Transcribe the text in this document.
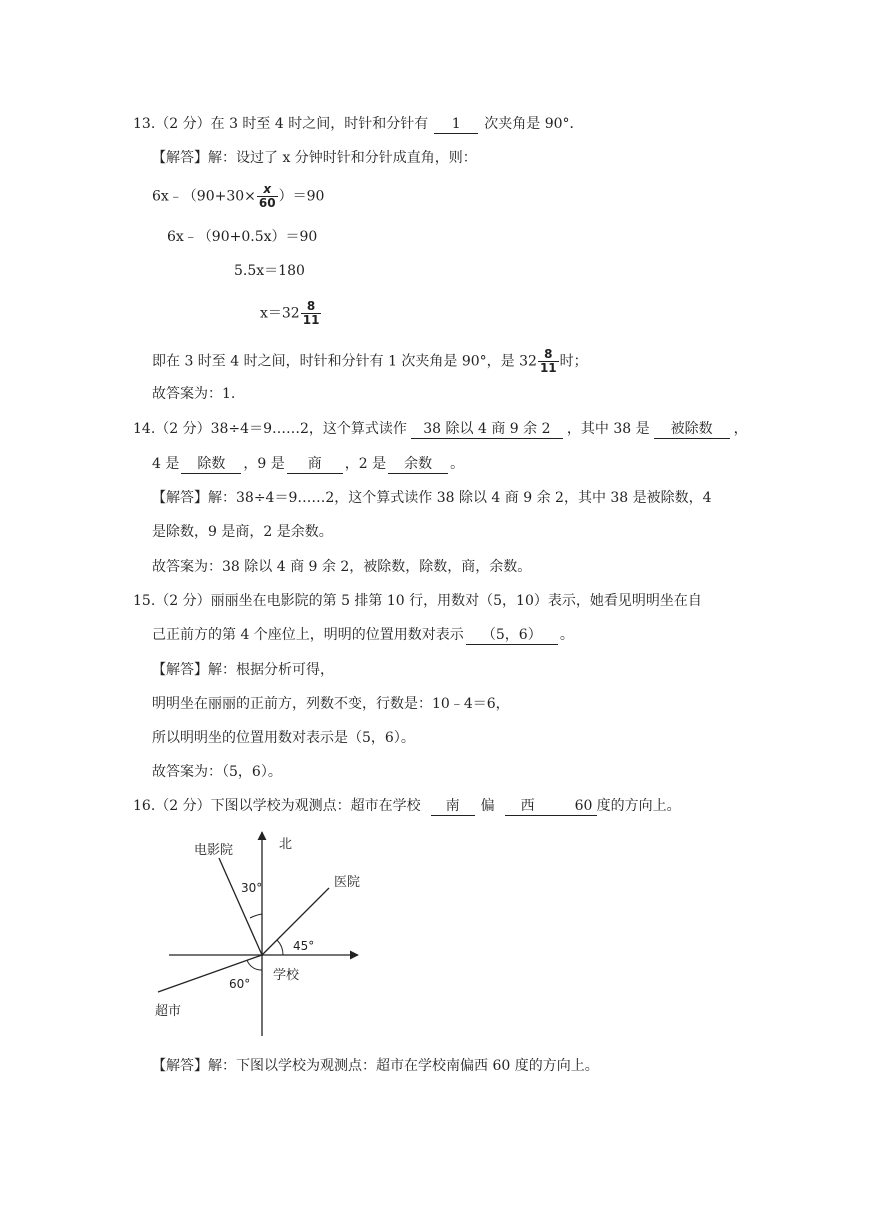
13.（2 分）在 3 时至 4 时之间，时针和分针有 1 次夹角是 90°．
【解答】解：设过了 x 分钟时针和分针成直角，则：
6x﹣（90+30× $\frac{x}{60} )=90$
6x﹣（90+0.5x）＝90
5.5x＝180
$x=32 \frac{8}{11}$
即在 3 时至 4 时之间，时针和分针有 1 次夹角是 90°，是 $32 \frac{8}{11}$ 时；
故答案为：1.
14.（2 分）38÷4＝9……2，这个算式读作 38 除以 4 商 9 余 2 ，其中 38 是 被除数 ，
4 是 除数 ，9 是 商 ，2 是 余数 。
【解答】解：38÷4＝9……2，这个算式读作 38 除以 4 商 9 余 2，其中 38 是被除数，4
是除数，9 是商，2 是余数。
故答案为：38 除以 4 商 9 余 2，被除数，除数，商，余数。
15.（2 分）丽丽坐在电影院的第 5 排第 10 行，用数对（5，10）表示，她看见明明坐在自
己正前方的第 4 个座位上，明明的位置用数对表示 （5，6） 。
【解答】解：根据分析可得，
明明坐在丽丽的正前方，列数不变，行数是：10﹣4＝6，
所以明明坐的位置用数对表示是（5，6）。
故答案为：（5，6）。
16.（2 分）下图以学校为观测点：超市在学校 南 偏 西	60 度的方向上。
北
电影院
医院
学校
超市
30°
45°
60°
【解答】解：下图以学校为观测点：超市在学校南偏西 60 度的方向上。
